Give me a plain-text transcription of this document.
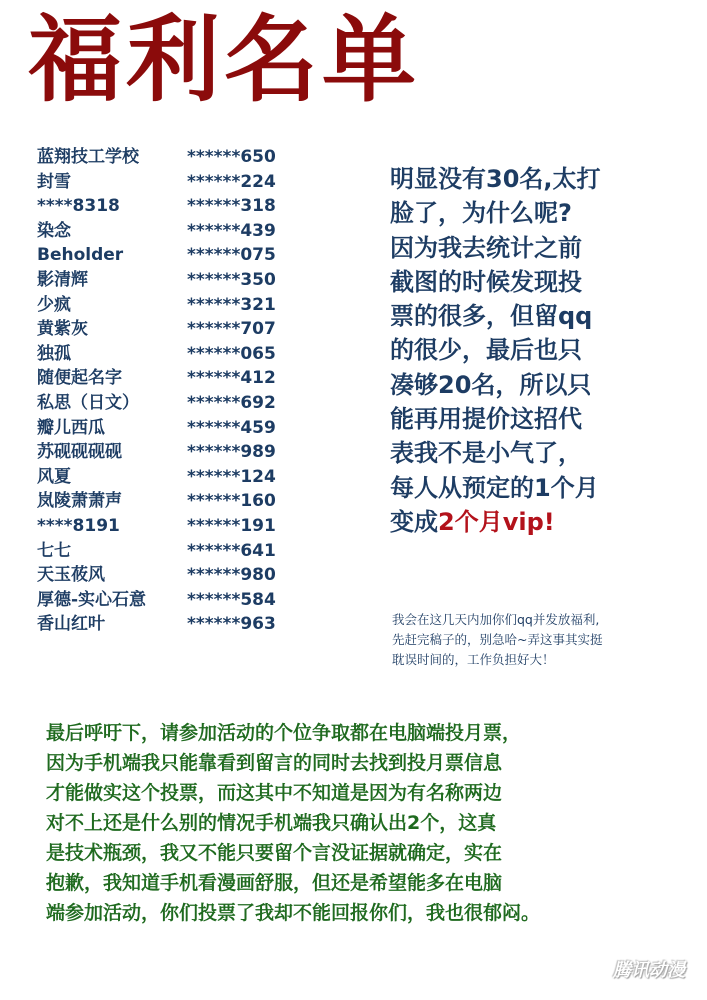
福利名单
蓝翔技工学校	******650
封雪	******224
****8318	******318
染念	******439
Beholder	******075
影清辉	******350
少疯	******321
黄紫灰	******707
独孤	******065
随便起名字	******412
私思（日文）	******692
瓣儿西瓜	******459
苏砚砚砚砚	******989
风夏	******124
岚陵萧萧声	******160
****8191	******191
七七	******641
天玉莜风	******980
厚德-实心石意 ******584
香山红叶	******963
明显没有30名,太打
脸了，为什么呢?
因为我去统计之前
截图的时候发现投
票的很多，但留qq
的很少，最后也只
凑够20名，所以只
能再用提价这招代
表我不是小气了，
每人从预定的1个月
变成2个月vip!
我会在这几天内加你们qq并发放福利,
先赶完稿子的，别急哈~弄这事其实挺
耽误时间的，工作负担好大！
最后呼吁下，请参加活动的个位争取都在电脑端投月票，
因为手机端我只能靠看到留言的同时去找到投月票信息
才能做实这个投票，而这其中不知道是因为有名称两边
对不上还是什么别的情况手机端我只确认出2个，这真
是技术瓶颈，我又不能只要留个言没证据就确定，实在
抱歉，我知道手机看漫画舒服，但还是希望能多在电脑
端参加活动，你们投票了我却不能回报你们，我也很郁闷。
腾讯动漫
